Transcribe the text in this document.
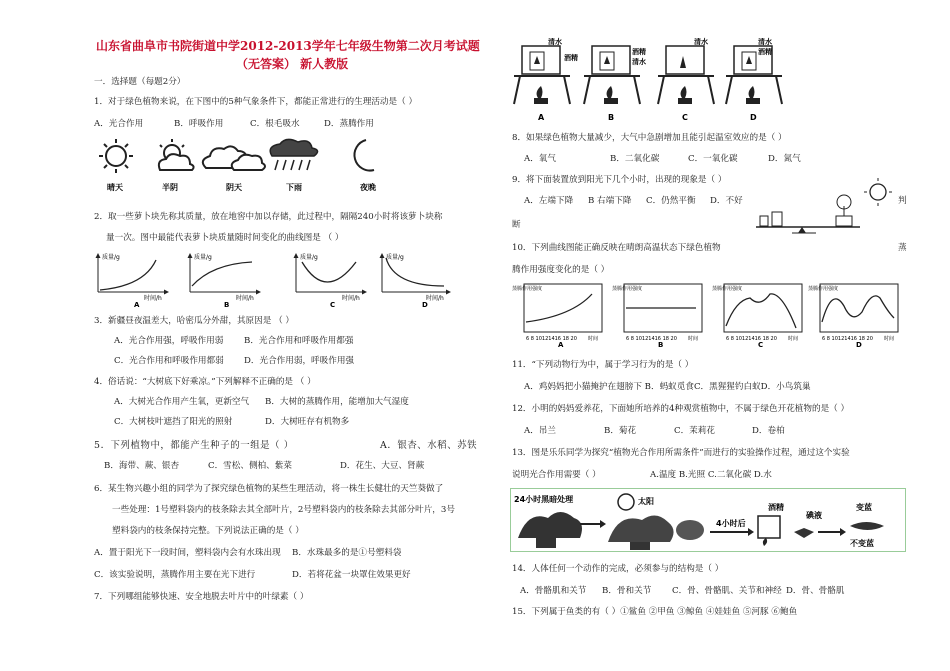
山东省曲阜市书院街道中学2012-2013学年七年级生物第二次月考试题
（无答案） 新人教版
一．选择题（每题2分）
1．对于绿色植物来说，在下图中的5种气象条件下，都能正常进行的生理活动是（ ）
A．光合作用	B．呼吸作用	C．根毛吸水	D．蒸腾作用
晴天	半阴	阴天	下雨	夜晚
2．取一些萝卜块先称其质量，放在地窖中加以存储，此过程中，隔隔240小时将该萝卜块称
量一次。图中最能代表萝卜块质量随时间变化的曲线图是 （ ）
质量/g
时间/h
A
质量/g
时间/h
B
质量/g
时间/h
C
质量/g
时间/h
D
3．新疆昼夜温差大，哈密瓜分外甜，其原因是 （ ）
A．光合作用强，呼吸作用弱 B．光合作用和呼吸作用都强
C．光合作用和呼吸作用都弱 D．光合作用弱，呼吸作用强
4．俗话说：“大树底下好乘凉。”下列解释不正确的是 （ ）
A．大树光合作用产生氧，更新空气 B．大树的蒸腾作用，能增加大气湿度
C．大树枝叶遮挡了阳光的照射	D．大树旺存有机物多
5．下列植物中，都能产生种子的一组是（ ）	A．银杏、水稻、苏铁
B．海带、蕨、银杏	C．雪松、侧柏、紫菜	D．花生、大豆、肾蕨
6．某生物兴趣小组的同学为了探究绿色植物的某些生理活动，将一株生长健壮的天竺葵做了
一些处理：1号塑料袋内的枝条除去其全部叶片，2号塑料袋内的枝条除去其部分叶片，3号
塑料袋内的枝条保持完整。下列说法正确的是（ ）
A．置于阳光下一段时间，塑料袋内会有水珠出现 B．水珠最多的是①号塑料袋
C．该实验说明，蒸腾作用主要在光下进行	D．若将花盆一块罩住效果更好
7．下列哪组能够快速、安全地脱去叶片中的叶绿素（ ）
清水
酒精
A
酒精
清水
B
清水
C
清水
酒精
D
8．如果绿色植物大量减少，大气中急剧增加且能引起温室效应的是（ ）
A．氧气	B．二氧化碳	C．一氧化碳	D．氮气
9．将下面装置放到阳光下几个小时，出现的现象是（ ）
A．左端下降 B 右端下降 C．仍然平衡 D．不好	判
断
10．下列曲线图能正确反映在晴朗高温状态下绿色植物	蒸
腾作用强度变化的是（ ）
蒸腾作用强度
6 8 10121416 18 20 时间
A
蒸腾作用强度
6 8 10121416 18 20 时间
B
蒸腾作用强度
6 8 10121416 18 20 时间
C
蒸腾作用强度
6 8 10121416 18 20 时间
D
11．“下列动物行为中，属于学习行为的是（ ）
A．鸡妈妈把小猫掩护在翅膀下 B．蚂蚁觅食C．黑猩猩钓白蚁D．小鸟筑巢
12．小明的妈妈爱养花，下面她所培养的4种观赏植物中，不属于绿色开花植物的是（ ）
A．吊兰	B．菊花	C．茉莉花	D．卷柏
13．图是乐乐同学为探究“植物光合作用所需条件”而进行的实验操作过程，通过这个实验
说明光合作用需要（ ）	A.温度 B.光照 C.二氧化碳 D.水
24小时黑暗处理	太阳
4小时后
酒精
碘液
变蓝
不变蓝
14．人体任何一个动作的完成，必须参与的结构是（ ）
A．骨骼肌和关节 B．骨和关节 C．骨、骨骼肌、关节和神经 D．骨、骨骼肌
15．下列属于鱼类的有（ ）①鲨鱼 ②甲鱼 ③鲸鱼 ④娃娃鱼 ⑤河豚 ⑥鲍鱼
